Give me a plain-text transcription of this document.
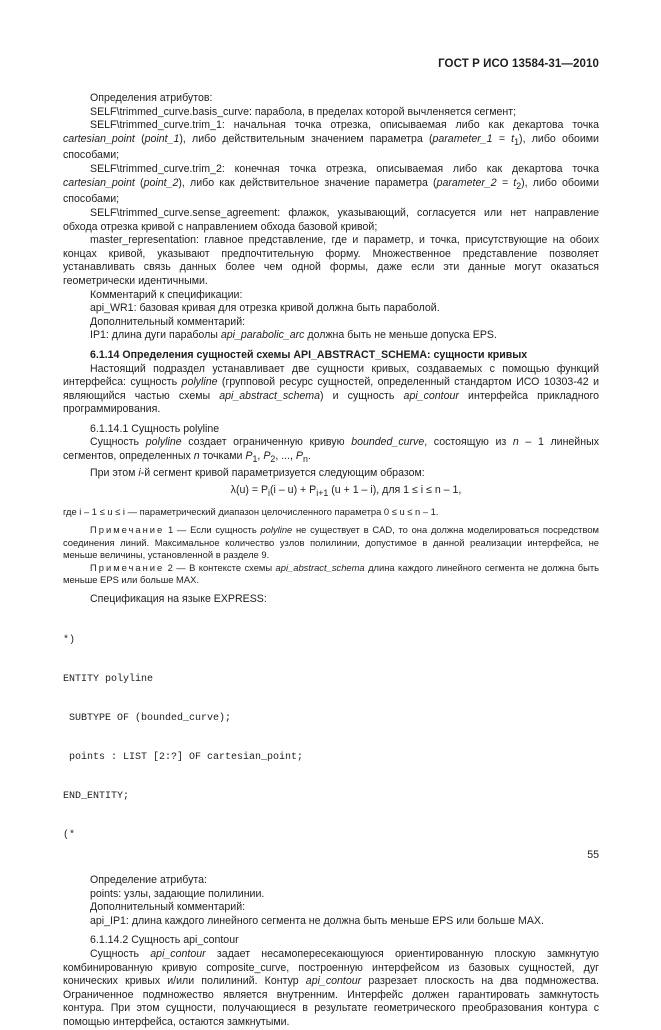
ГОСТ Р ИСО 13584-31—2010

Определения атрибутов:

SELF\trimmed_curve.basis_curve: парабола, в пределах которой вычленяется сегмент;

SELF\trimmed_curve.trim_1: начальная точка отрезка, описываемая либо как декартова точка cartesian_point (point_1), либо действительным значением параметра (parameter_1 = $t_1$), либо обоими способами;

SELF\trimmed_curve.trim_2: конечная точка отрезка, описываемая либо как декартова точка cartesian_point (point_2), либо как действительное значение параметра (parameter_2 = $t_2$), либо обоими способами;

SELF\trimmed_curve.sense_agreement: флажок, указывающий, согласуется или нет направление обхода отрезка кривой с направлением обхода базовой кривой;

master_representation: главное представление, где и параметр, и точка, присутствующие на обоих концах кривой, указывают предпочтительную форму. Множественное представление позволяет устанавливать связь данных более чем одной формы, даже если эти данные могут оказаться геометрически идентичными.

Комментарий к спецификации:

api_WR1: базовая кривая для отрезка кривой должна быть параболой.

Дополнительный комментарий:

IP1: длина дуги параболы api_parabolic_arc должна быть не меньше допуска EPS.

6.1.14 Определения сущностей схемы API_ABSTRACT_SCHEMA: сущности кривых

Настоящий подраздел устанавливает две сущности кривых, создаваемых с помощью функций интерфейса: сущность polyline (групповой ресурс сущностей, определенный стандартом ИСО 10303-42 и являющийся частью схемы api_abstract_schema) и сущность api_contour интерфейса прикладного программирования.

6.1.14.1 Сущность polyline

Сущность polyline создает ограниченную кривую bounded_curve, состоящую из n – 1 линейных сегментов, определенных n точками $P_1$, $P_2$, ..., $P_n$.

При этом i-й сегмент кривой параметризуется следующим образом:

$\lambda(u) = P_i(i - u) + P_{i+1}$ (u + 1 – i), для 1 ≤ i ≤ n – 1,

где i – 1 ≤ u ≤ i — параметрический диапазон целочисленного параметра 0 ≤ u ≤ n – 1.

Примечание 1 — Если сущность polyline не существует в CAD, то она должна моделироваться посредством соединения линий. Максимальное количество узлов полилинии, допустимое в данной реализации интерфейса, не меньше величины, установленной в разделе 9.

Примечание 2 — В контексте схемы api_abstract_schema длина каждого линейного сегмента не должна быть меньше EPS или больше MAX.

Спецификация на языке EXPRESS:

*)

ENTITY polyline

SUBTYPE OF (bounded_curve);

points : LIST [2:?] OF cartesian_point;

END_ENTITY;

(*

Определение атрибута:

points: узлы, задающие полилинии.

Дополнительный комментарий:

api_IP1: длина каждого линейного сегмента не должна быть меньше EPS или больше MAX.

6.1.14.2 Сущность api_contour

Сущность api_contour задает несамопересекающуюся ориентированную плоскую замкнутую комбинированную кривую composite_curve, построенную интерфейсом из базовых сущностей, дуг конических кривых и/или полилиний. Контур api_contour разрезает плоскость на два подмножества. Ограниченное подмножество является внутренним. Интерфейс должен гарантировать замкнутость контура. При этом сущности, получающиеся в результате геометрического преобразования контура с помощью интерфейса, остаются замкнутыми.

55
